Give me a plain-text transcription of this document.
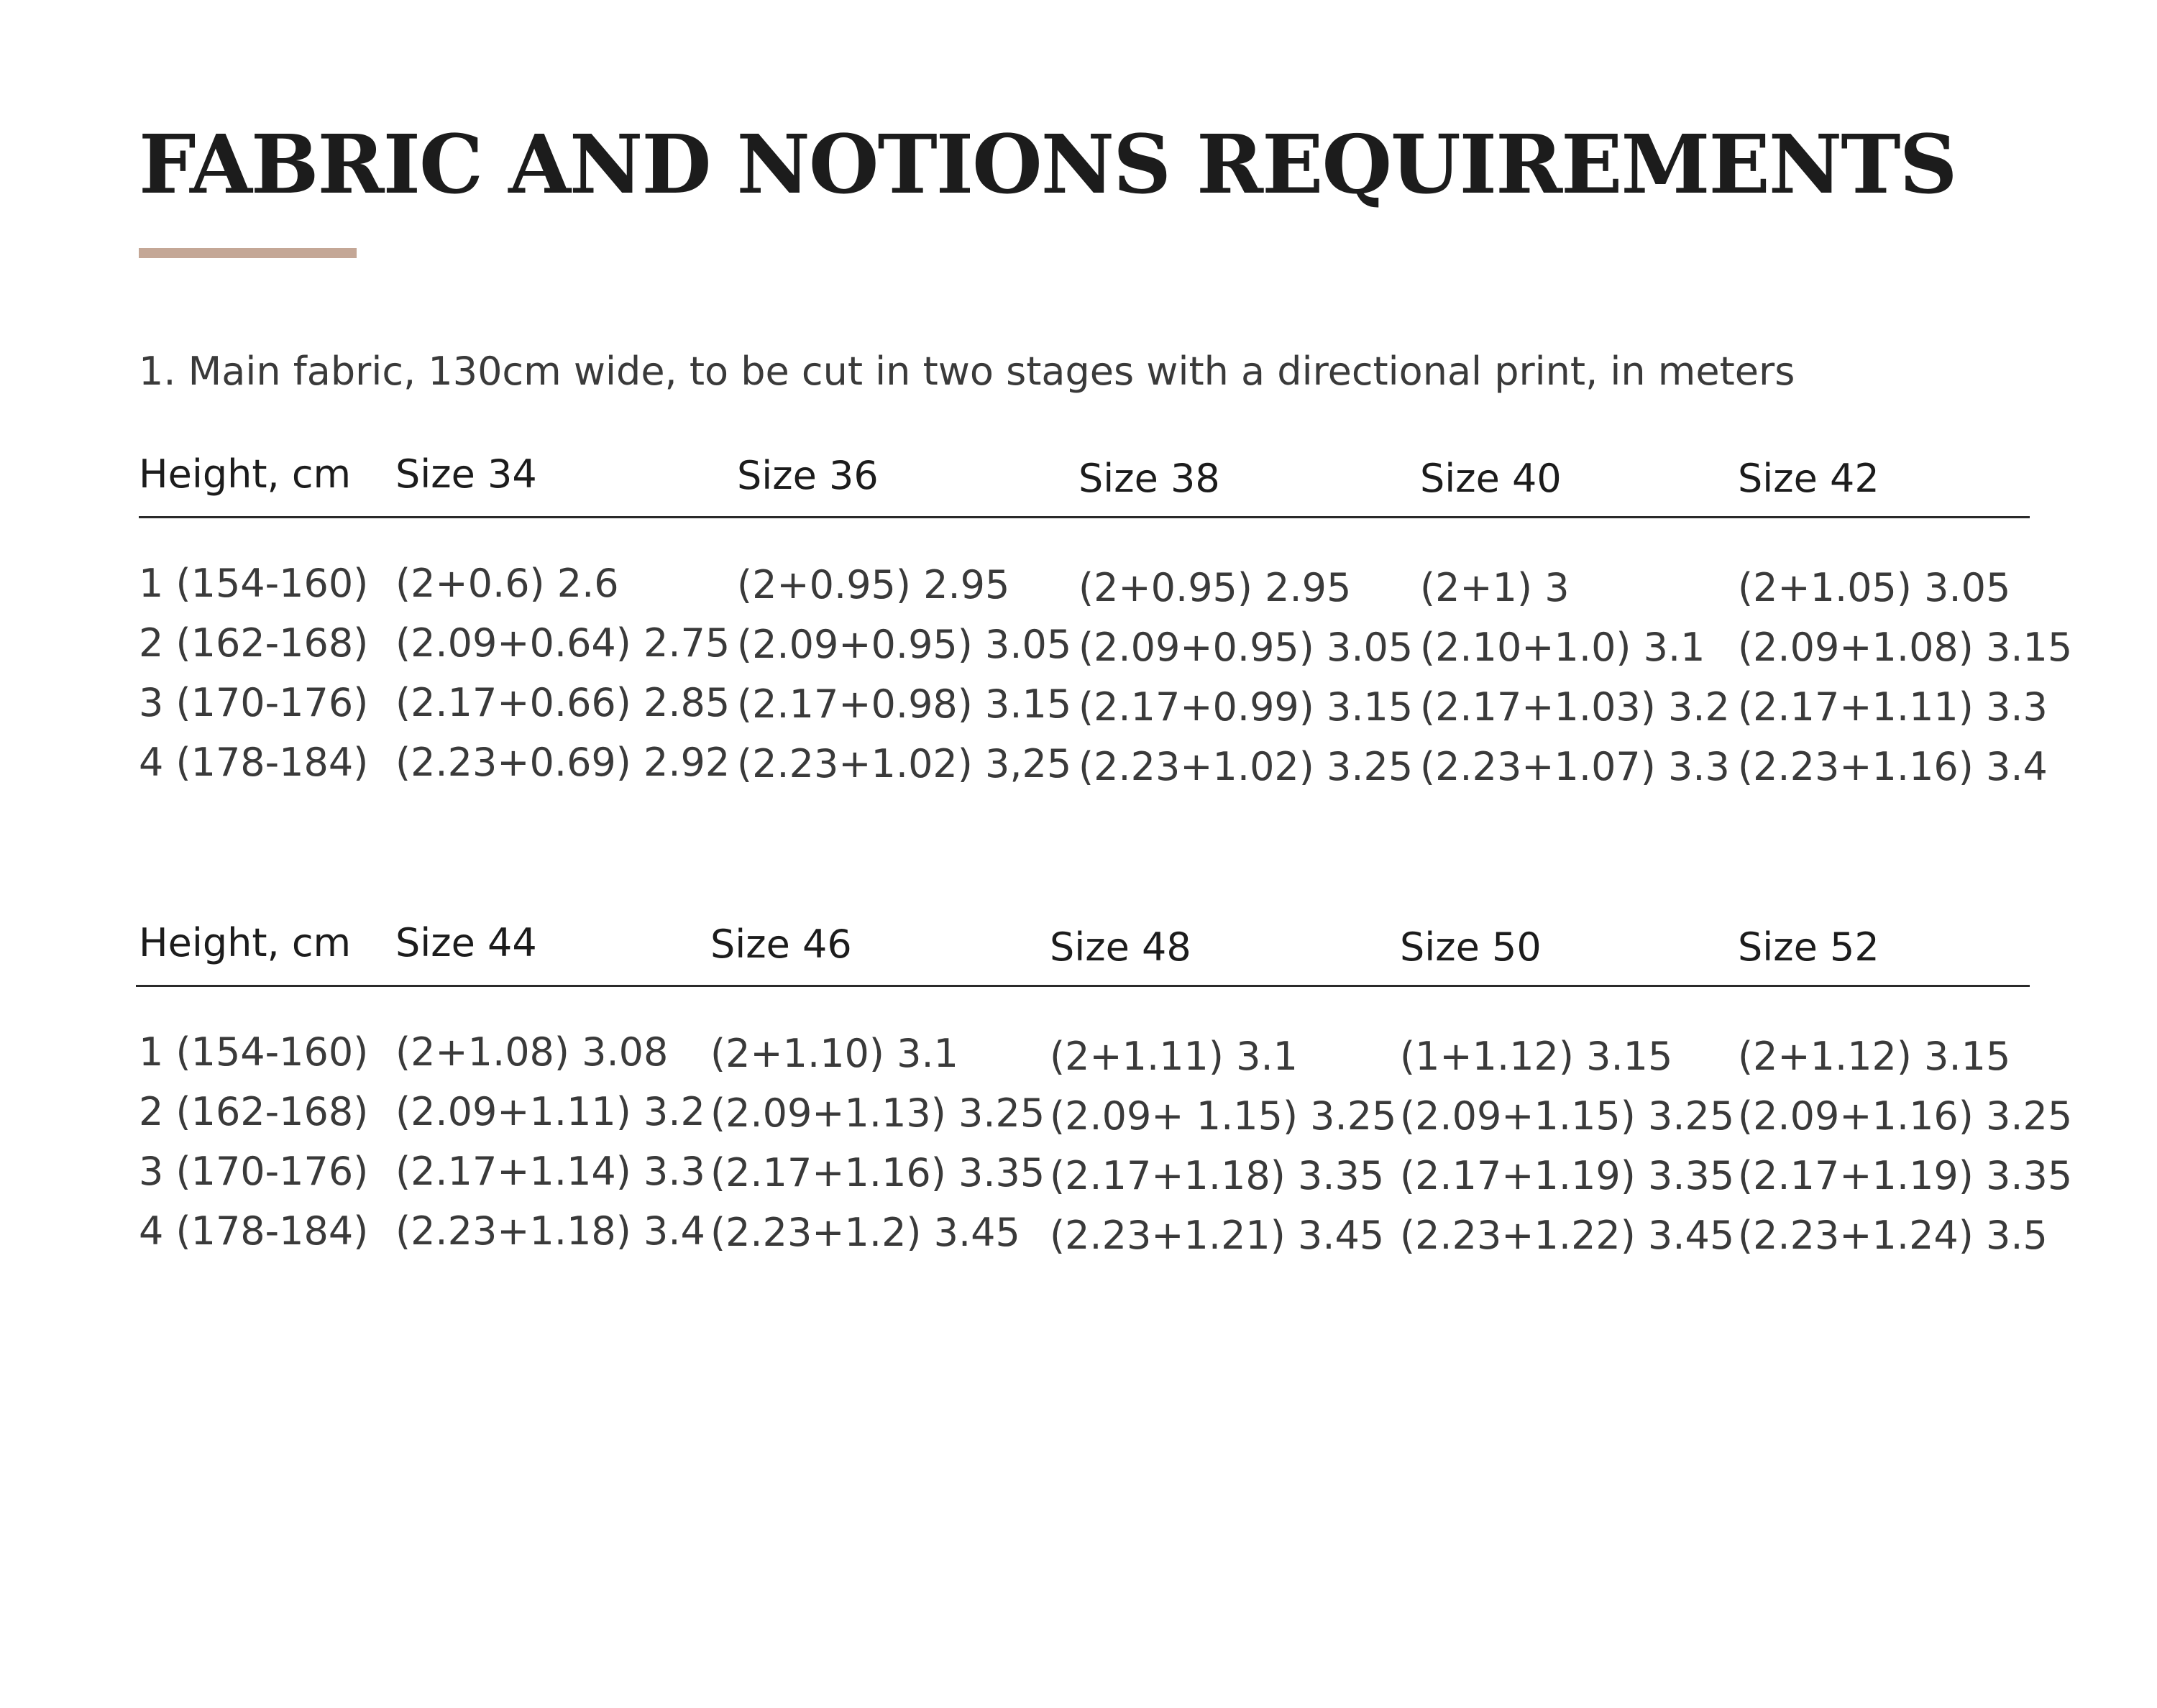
FABRIC AND NOTIONS REQUIREMENTS

1. Main fabric, 130cm wide, to be cut in two stages with a directional print, in meters

Height, cm Size 34	Size 36	Size 38	Size 40	Size 42
1 (154-160) (2+0.6) 2.6	(2+0.95) 2.95 (2+0.95) 2.95 (2+1) 3	(2+1.05) 3.05
2 (162-168) (2.09+0.64) 2.75 (2.09+0.95) 3.05 (2.09+0.95) 3.05 (2.10+1.0) 3.1 (2.09+1.08) 3.15
3 (170-176) (2.17+0.66) 2.85 (2.17+0.98) 3.15 (2.17+0.99) 3.15 (2.17+1.03) 3.2 (2.17+1.11) 3.3
4 (178-184) (2.23+0.69) 2.92 (2.23+1.02) 3,25 (2.23+1.02) 3.25 (2.23+1.07) 3.3 (2.23+1.16) 3.4
Height, cm Size 44	Size 46	Size 48	Size 50	Size 52
1 (154-160) (2+1.08) 3.08 (2+1.10) 3.1 (2+1.11) 3.1	(1+1.12) 3.15 (2+1.12) 3.15
2 (162-168) (2.09+1.11) 3.2 (2.09+1.13) 3.25 (2.09+ 1.15) 3.25 (2.09+1.15) 3.25 (2.09+1.16) 3.25
3 (170-176) (2.17+1.14) 3.3 (2.17+1.16) 3.35 (2.17+1.18) 3.35 (2.17+1.19) 3.35 (2.17+1.19) 3.35
4 (178-184) (2.23+1.18) 3.4 (2.23+1.2) 3.45 (2.23+1.21) 3.45 (2.23+1.22) 3.45 (2.23+1.24) 3.5
